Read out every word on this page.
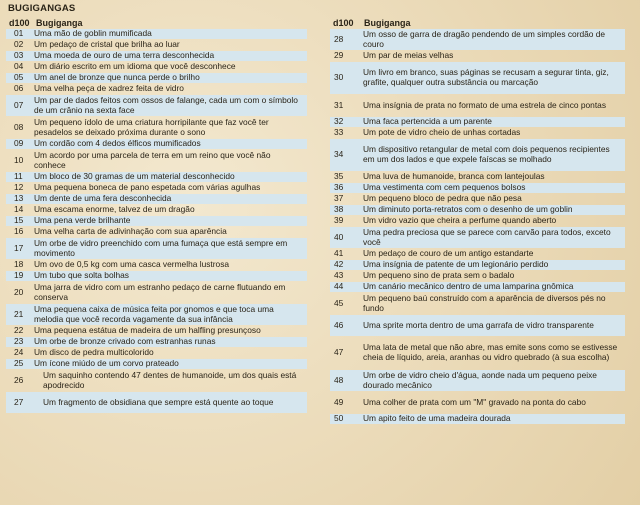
BUGIGANGAS
d100 Bugiganga
01	Uma mão de goblin mumificada
02	Um pedaço de cristal que brilha ao luar
03	Uma moeda de ouro de uma terra desconhecida
04	Um diário escrito em um idioma que você desconhece
05	Um anel de bronze que nunca perde o brilho
06	Uma velha peça de xadrez feita de vidro
07	Um par de dados feitos com ossos de falange, cada um com o símbolo de um crânio na sexta face
08	Um pequeno ídolo de uma criatura horripilante que faz você ter pesadelos se deixado próxima durante o sono
09	Um cordão com 4 dedos élficos mumificados
10	Um acordo por uma parcela de terra em um reino que você não conhece
11	Um bloco de 30 gramas de um material desconhecido
12	Uma pequena boneca de pano espetada com várias agulhas
13	Um dente de uma fera desconhecida
14	Uma escama enorme, talvez de um dragão
15	Uma pena verde brilhante
16	Uma velha carta de adivinhação com sua aparência
17	Um orbe de vidro preenchido com uma fumaça que está sempre em movimento
18	Um ovo de 0,5 kg com uma casca vermelha lustrosa
19	Um tubo que solta bolhas
20	Uma jarra de vidro com um estranho pedaço de carne flutuando em conserva
21	Uma pequena caixa de música feita por gnomos e que toca uma melodia que você recorda vagamente da sua infância
22	Uma pequena estátua de madeira de um halfling presunçoso
23	Um orbe de bronze crivado com estranhas runas
24	Um disco de pedra multicolorido
25	Um ícone miúdo de um corvo prateado
26	Um saquinho contendo 47 dentes de humanoide, um dos quais está apodrecido
27	Um fragmento de obsidiana que sempre está quente ao toque
d100	Bugiganga
28	Um osso de garra de dragão pendendo de um simples cordão de couro
29	Um par de meias velhas
30	Um livro em branco, suas páginas se recusam a segurar tinta, giz, grafite, qualquer outra substância ou marcação
31	Uma insígnia de prata no formato de uma estrela de cinco pontas
32	Uma faca pertencida a um parente
33	Um pote de vidro cheio de unhas cortadas
34	Um dispositivo retangular de metal com dois pequenos recipientes em um dos lados e que expele faíscas se molhado
35	Uma luva de humanoide, branca com lantejoulas
36	Uma vestimenta com cem pequenos bolsos
37	Um pequeno bloco de pedra que não pesa
38	Um diminuto porta-retratos com o desenho de um goblin
39	Um vidro vazio que cheira a perfume quando aberto
40	Uma pedra preciosa que se parece com carvão para todos, exceto você
41	Um pedaço de couro de um antigo estandarte
42	Uma insígnia de patente de um legionário perdido
43	Um pequeno sino de prata sem o badalo
44	Um canário mecânico dentro de uma lamparina gnômica
45	Um pequeno baú construído com a aparência de diversos pés no fundo
46	Uma sprite morta dentro de uma garrafa de vidro transparente
47	Uma lata de metal que não abre, mas emite sons como se estivesse cheia de líquido, areia, aranhas ou vidro quebrado (à sua escolha)
48	Um orbe de vidro cheio d'água, aonde nada um pequeno peixe dourado mecânico
49	Uma colher de prata com um "M" gravado na ponta do cabo
50	Um apito feito de uma madeira dourada
